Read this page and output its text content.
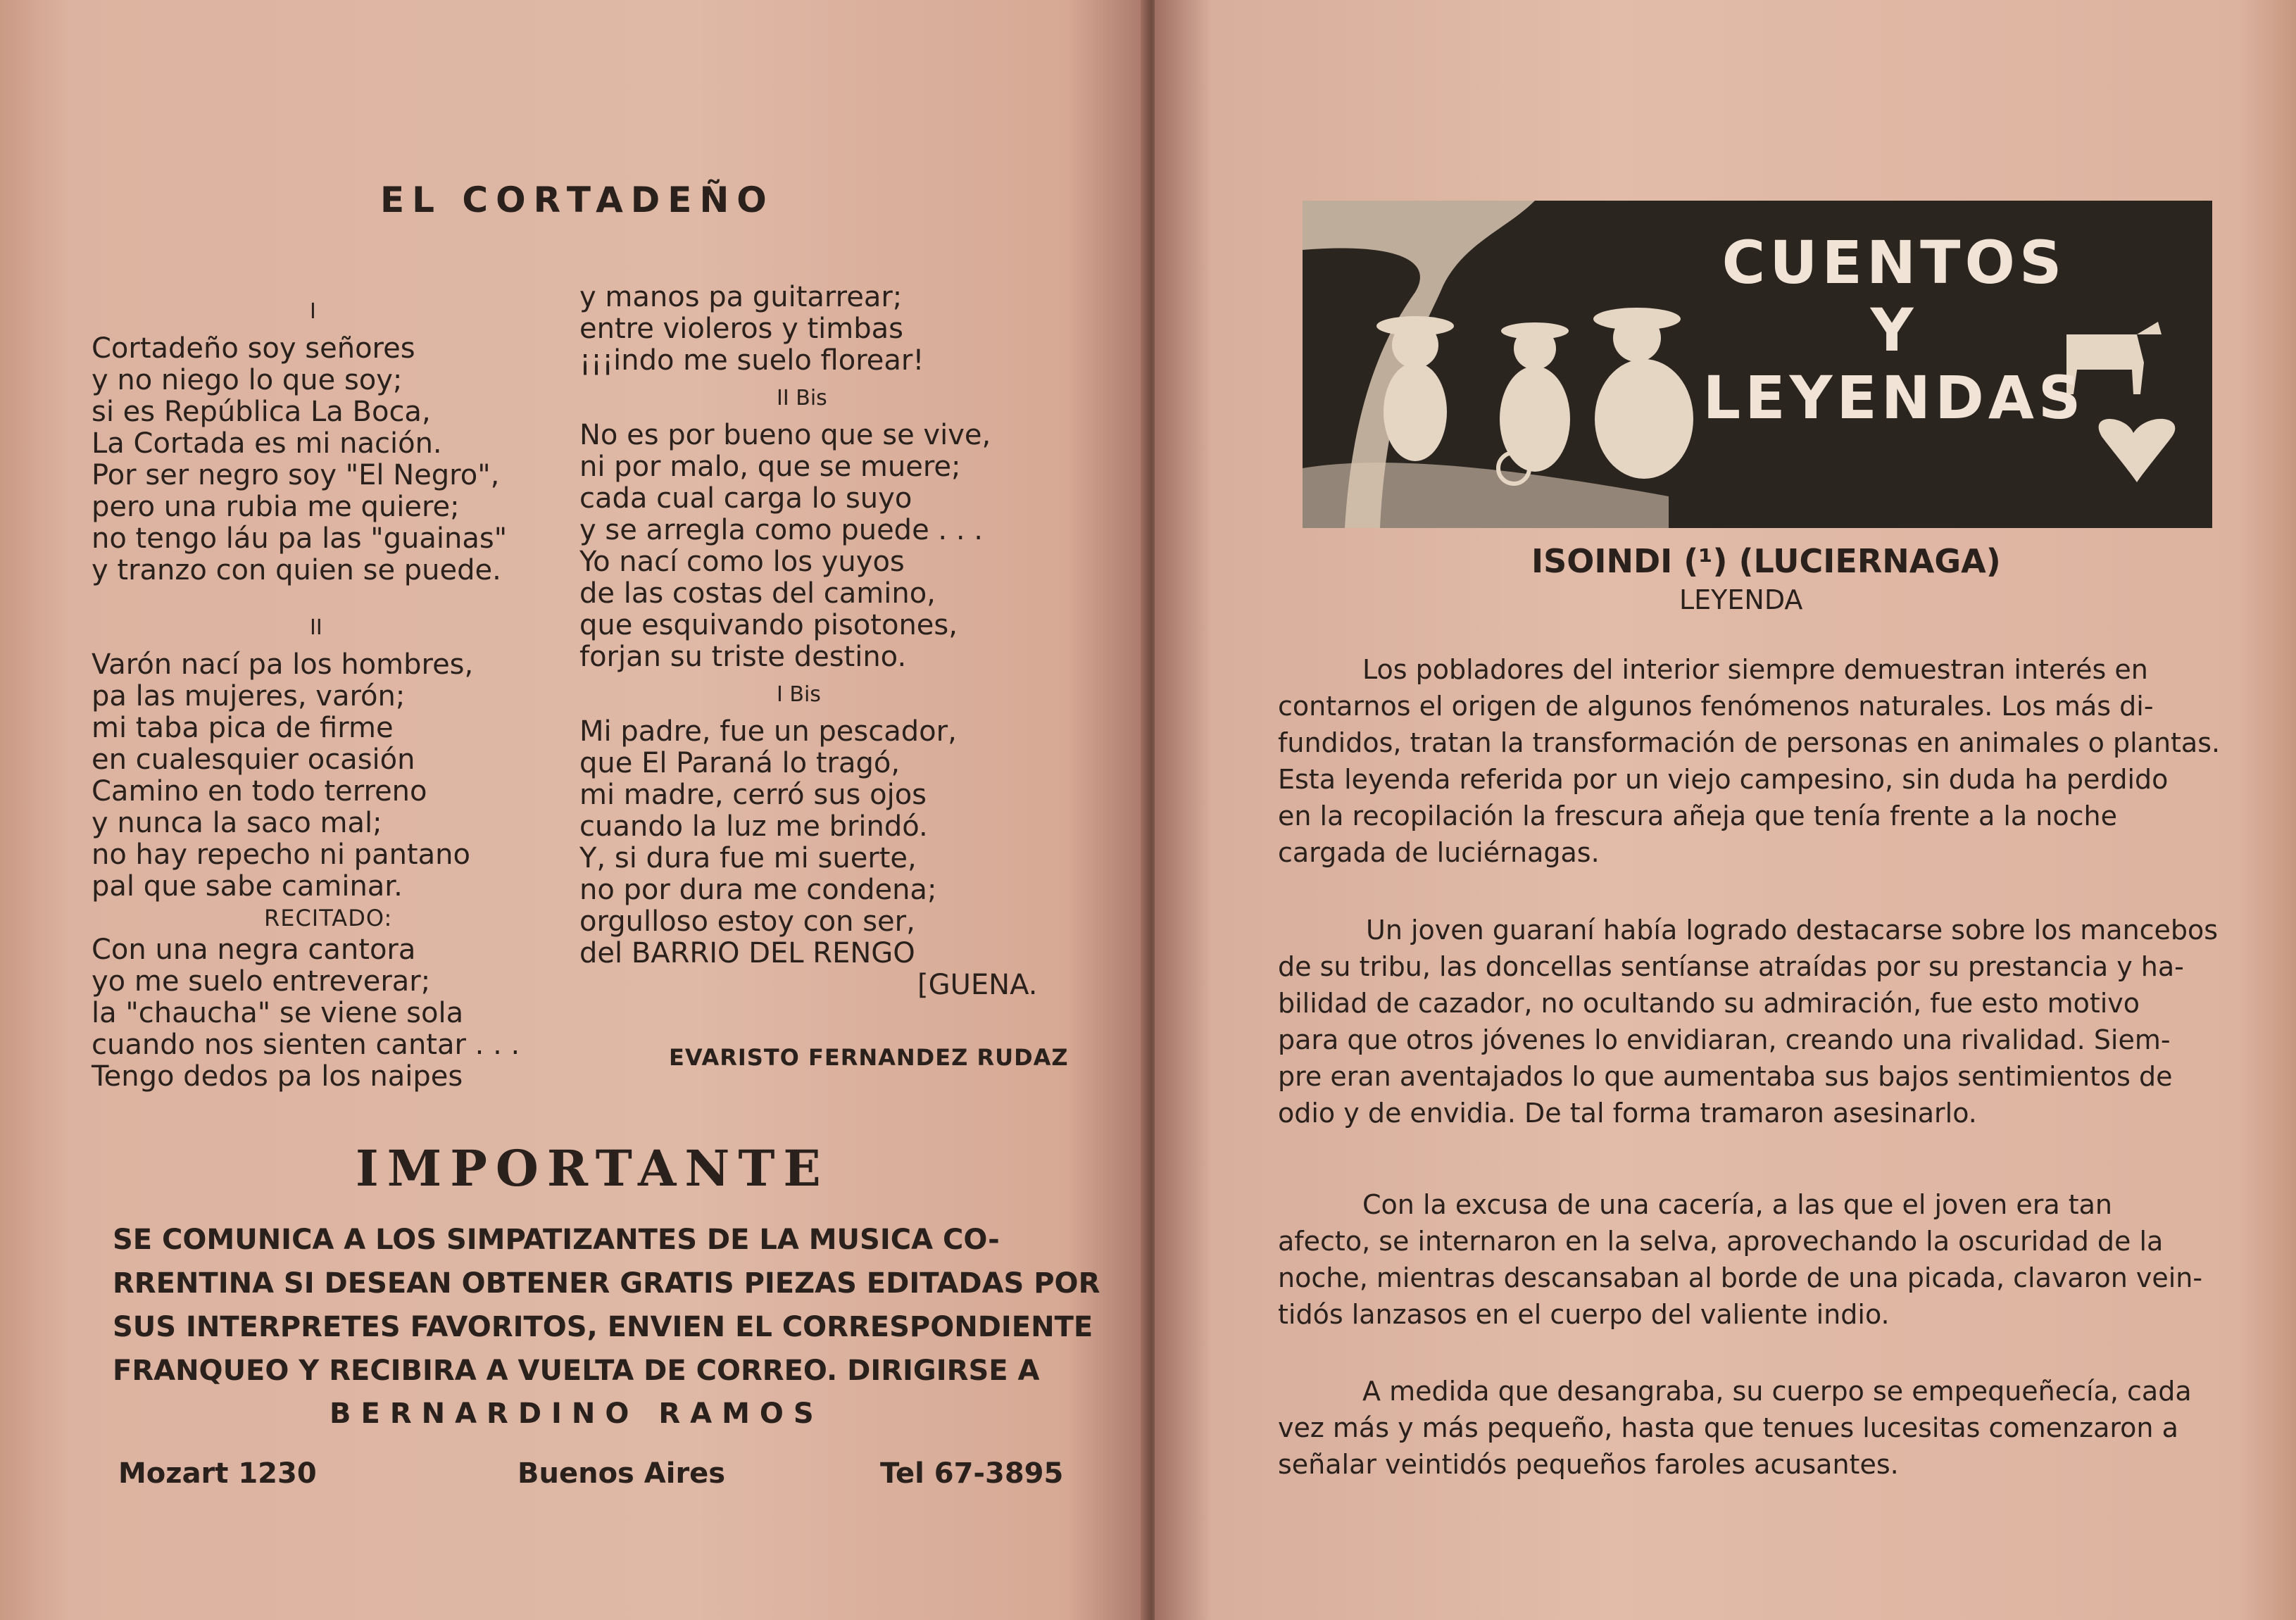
EL CORTADEÑO
I
Cortadeño soy señores
y no niego lo que soy;
si es República La Boca,
La Cortada es mi nación.
Por ser negro soy "El Negro",
pero una rubia me quiere;
no tengo láu pa las "guainas"
y tranzo con quien se puede.

II
Varón nací pa los hombres,
pa las mujeres, varón;
mi taba pica de firme
en cualesquier ocasión
Camino en todo terreno
y nunca la saco mal;
no hay repecho ni pantano
pal que sabe caminar.
RECITADO:
Con una negra cantora
yo me suelo entreverar;
la "chaucha" se viene sola
cuando nos sienten cantar . . .
Tengo dedos pa los naipes
y manos pa guitarrear;
entre violeros y timbas
¡¡¡indo me suelo florear!
II Bis
No es por bueno que se vive,
ni por malo, que se muere;
cada cual carga lo suyo
y se arregla como puede . . .
Yo nací como los yuyos
de las costas del camino,
que esquivando pisotones,
forjan su triste destino.
I Bis
Mi padre, fue un pescador,
que El Paraná lo tragó,
mi madre, cerró sus ojos
cuando la luz me brindó.
Y, si dura fue mi suerte,
no por dura me condena;
orgulloso estoy con ser,
del BARRIO DEL RENGO
[GUENA.
EVARISTO FERNANDEZ RUDAZ
IMPORTANTE
SE COMUNICA A LOS SIMPATIZANTES DE LA MUSICA CO-
RRENTINA SI DESEAN OBTENER GRATIS PIEZAS EDITADAS POR
SUS INTERPRETES FAVORITOS, ENVIEN EL CORRESPONDIENTE
FRANQUEO Y RECIBIRA A VUELTA DE CORREO. DIRIGIRSE A
BERNARDINO RAMOS
Mozart 1230	Buenos Aires	Tel 67-3895
CUENTOS
Y
LEYENDAS
ISOINDI (¹) (LUCIERNAGA)
LEYENDA
Los pobladores del interior siempre demuestran interés en
contarnos el origen de algunos fenómenos naturales. Los más di-
fundidos, tratan la transformación de personas en animales o plantas.
Esta leyenda referida por un viejo campesino, sin duda ha perdido
en la recopilación la frescura añeja que tenía frente a la noche
cargada de luciérnagas.
Un joven guaraní había logrado destacarse sobre los mancebos
de su tribu, las doncellas sentíanse atraídas por su prestancia y ha-
bilidad de cazador, no ocultando su admiración, fue esto motivo
para que otros jóvenes lo envidiaran, creando una rivalidad. Siem-
pre eran aventajados lo que aumentaba sus bajos sentimientos de
odio y de envidia. De tal forma tramaron asesinarlo.
Con la excusa de una cacería, a las que el joven era tan
afecto, se internaron en la selva, aprovechando la oscuridad de la
noche, mientras descansaban al borde de una picada, clavaron vein-
tidós lanzasos en el cuerpo del valiente indio.
A medida que desangraba, su cuerpo se empequeñecía, cada
vez más y más pequeño, hasta que tenues lucesitas comenzaron a
señalar veintidós pequeños faroles acusantes.
